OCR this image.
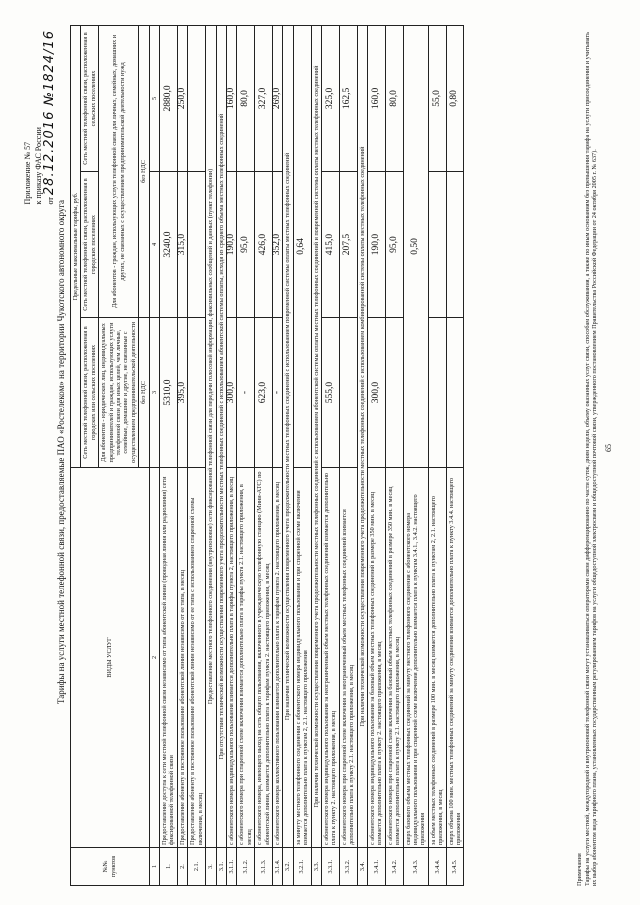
Приложение № 57 к приказу ФАС России от 28.12.2016 №1824/16
Тарифы на услуги местной телефонной связи, предоставляемые ПАО «Ростелеком» на территории Чукотского автономного округа
№№ пунктов	ВИДЫ УСЛУГ	Предельные максимальные тарифы, руб.		
		Сеть местной телефонной связи, расположенная в городских или сельских поселениях	Сеть местной телефонной связи, расположенная в городских поселениях	Сеть местной телефонной связи, расположенная в сельских поселениях
		Для абонентов - юридических лиц, индивидуальных предпринимателей и граждан, использующих услуги телефонной связи для иных целей, чем личные, семейные, домашние и другие, не связанные с осуществлением предпринимательской деятельности	Для абонентов - граждан, использующих услуги телефонной связи для личных, семейных, домашних и других, не связанных с осуществлением предпринимательской деятельности нужд	
		без НДС	без НДС	
1	2	3	4	5
1.	Предоставление доступа к сети местной телефонной связи независимо от типа абонентской линии (проводная линия или радиолиния) сети фиксированной телефонной связи	5310,0	3240,0	2880,0
2.	Предоставление абоненту в постоянное пользование абонентской линии независимо от ее типа, в месяц	395,0	315,0	250,0
2.1.	Предоставление абоненту в постоянное пользование абонентской линии независимо от ее типа с использованием спаренной схемы включения, в месяц			
3.	Предоставление местного телефонного соединения (внутризоновое) сети фиксированной телефонной связи для передачи голосовой информации, факсимильных сообщений и данных (пункт телефонии)			
3.1.	При отсутствии технической возможности осуществления повременного учета продолжительности местных телефонных соединений с использованием абонентской системы оплаты, исходя из среднего объема местных телефонных соединений			
3.1.1.	с абонентского номера индивидуального пользования взимается дополнительно плата в тарифы пункта 2, настоящего приложения, в месяц	300,0	190,0	160,0
3.1.2.	с абонентского номера при спаренной схеме включения взимается дополнительно плата в тарифы пункта 2.1. настоящего приложения, в месяц	-	95,0	80,0
3.1.3.	с абонентского номера, имеющего выход на сеть общего пользования, включенного в учрежденческую телефонную станцию (Мини-АТС) по абонентской линии, взимается дополнительно плата к тарифам пункта 2. настоящего приложения, в месяц	623,0	426,0	327,0
3.1.4.	с абонентского номера коллективного пользования взимается дополнительно плата к тарифам пункта 2. настоящего приложения, в месяц	-	352,0	269,0
3.2.	При наличии технической возможности осуществления повременного учета продолжительности местных телефонных соединений с использованием повременной системы оплаты местных телефонных соединений			
3.2.1.	за минуту местного телефонного соединения с абонентского номера индивидуального пользования и при спаренной схеме включения взимается дополнительно плата к пунктам 2, 2.1. настоящего приложения	0,64		
3.3.	При наличии технической возможности осуществления повременного учета продолжительности местных телефонных соединений с использованием абонентской системы оплаты местных телефонных соединений и повременной системы оплаты местных телефонных соединений			
3.3.1.	с абонентского номера индивидуального пользования за неограниченный объем местных телефонных соединений взимается дополнительно плата к пункту 2. настоящего приложения, в месяц	555,0	415,0	325,0
3.3.2.	с абонентского номера при спаренной схеме включения за неограниченный объем местных телефонных соединений взимается дополнительно плата к пункту 2.1. настоящего приложения, в месяц		207,5	162,5
3.4.	При наличии технической возможности осуществления повременного учета продолжительности местных телефонных соединений с использованием комбинированной системы оплаты местных телефонных соединений			
3.4.1.	с абонентского номера индивидуального пользования за базовый объем местных телефонных соединений в размере 350 мин. в месяц взимается дополнительно плата к пункту 2. настоящего приложения, в месяц	300,0	190,0	160,0
3.4.2.	с абонентского номера при спаренной схеме включения за базовый объем местных телефонных соединений в размере 350 мин. в месяц взимается дополнительно плата к пункту 2.1. настоящего приложения, в месяц		95,0	80,0
3.4.3.	сверх базового объема местных телефонных соединений за минуту местного телефонного соединения с абонентского номера индивидуального пользования и при спаренной схеме включения дополнительно взимается плата к пунктам 3.4.1., 3.4.2. настоящего приложения	0,50		
3.4.4.	за объем местных телефонных соединений в размере 100 мин. в месяц взимается дополнительно плата к пунктам 2, 2.1. настоящего приложения, в месяц			55,0
3.4.5.	сверх объема 100 мин. местных телефонных соединений за минуту соединения взимается дополнительно плата к пункту 3.4.4. настоящего приложения			0,80
Примечания Тарифы на услуги местной, междугородной и внутризоновой телефонной связи могут устанавливаться операторами связи дифференцированно по части суток, дням недели, объему оказанных услуг связи, способам обслуживания, а также по иным основаниям без превышения тарифа на услуги присоединения и учитывать их выбор абонентом вида тарифного плана, установленных государственным регулированием тарифов на услуги общедоступной электросвязи и общедоступной почтовой связи, утвержденного постановлением Правительства Российской Федерации от 24 октября 2005 г. № 637). 65
